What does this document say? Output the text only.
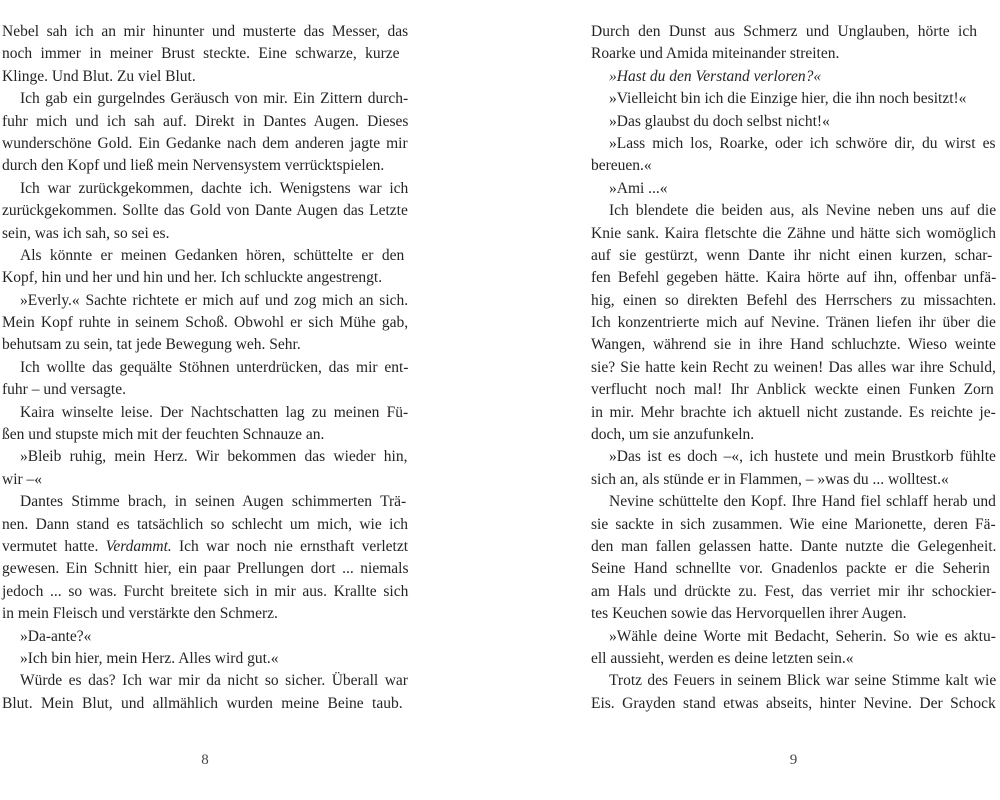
Nebel sah ich an mir hinunter und musterte das Messer, das
noch immer in meiner Brust steckte. Eine schwarze, kurze
Klinge. Und Blut. Zu viel Blut.
Ich gab ein gurgelndes Geräusch von mir. Ein Zittern durch-
fuhr mich und ich sah auf. Direkt in Dantes Augen. Dieses
wunderschöne Gold. Ein Gedanke nach dem anderen jagte mir
durch den Kopf und ließ mein Nervensystem verrücktspielen.
Ich war zurückgekommen, dachte ich. Wenigstens war ich
zurückgekommen. Sollte das Gold von Dante Augen das Letzte
sein, was ich sah, so sei es.
Als könnte er meinen Gedanken hören, schüttelte er den
Kopf, hin und her und hin und her. Ich schluckte angestrengt.
»Everly.« Sachte richtete er mich auf und zog mich an sich.
Mein Kopf ruhte in seinem Schoß. Obwohl er sich Mühe gab,
behutsam zu sein, tat jede Bewegung weh. Sehr.
Ich wollte das gequälte Stöhnen unterdrücken, das mir ent-
fuhr – und versagte.
Kaira winselte leise. Der Nachtschatten lag zu meinen Fü-
ßen und stupste mich mit der feuchten Schnauze an.
»Bleib ruhig, mein Herz. Wir bekommen das wieder hin,
wir –«
Dantes Stimme brach, in seinen Augen schimmerten Trä-
nen. Dann stand es tatsächlich so schlecht um mich, wie ich
vermutet hatte. Verdammt. Ich war noch nie ernsthaft verletzt
gewesen. Ein Schnitt hier, ein paar Prellungen dort ... niemals
jedoch ... so was. Furcht breitete sich in mir aus. Krallte sich
in mein Fleisch und verstärkte den Schmerz.
»Da-ante?«
»Ich bin hier, mein Herz. Alles wird gut.«
Würde es das? Ich war mir da nicht so sicher. Überall war
Blut. Mein Blut, und allmählich wurden meine Beine taub.
Durch den Dunst aus Schmerz und Unglauben, hörte ich
Roarke und Amida miteinander streiten.
»Hast du den Verstand verloren?«
»Vielleicht bin ich die Einzige hier, die ihn noch besitzt!«
»Das glaubst du doch selbst nicht!«
»Lass mich los, Roarke, oder ich schwöre dir, du wirst es
bereuen.«
»Ami ...«
Ich blendete die beiden aus, als Nevine neben uns auf die
Knie sank. Kaira fletschte die Zähne und hätte sich womöglich
auf sie gestürzt, wenn Dante ihr nicht einen kurzen, schar-
fen Befehl gegeben hätte. Kaira hörte auf ihn, offenbar unfä-
hig, einen so direkten Befehl des Herrschers zu missachten.
Ich konzentrierte mich auf Nevine. Tränen liefen ihr über die
Wangen, während sie in ihre Hand schluchzte. Wieso weinte
sie? Sie hatte kein Recht zu weinen! Das alles war ihre Schuld,
verflucht noch mal! Ihr Anblick weckte einen Funken Zorn
in mir. Mehr brachte ich aktuell nicht zustande. Es reichte je-
doch, um sie anzufunkeln.
»Das ist es doch –«, ich hustete und mein Brustkorb fühlte
sich an, als stünde er in Flammen, – »was du ... wolltest.«
Nevine schüttelte den Kopf. Ihre Hand fiel schlaff herab und
sie sackte in sich zusammen. Wie eine Marionette, deren Fä-
den man fallen gelassen hatte. Dante nutzte die Gelegenheit.
Seine Hand schnellte vor. Gnadenlos packte er die Seherin
am Hals und drückte zu. Fest, das verriet mir ihr schockier-
tes Keuchen sowie das Hervorquellen ihrer Augen.
»Wähle deine Worte mit Bedacht, Seherin. So wie es aktu-
ell aussieht, werden es deine letzten sein.«
Trotz des Feuers in seinem Blick war seine Stimme kalt wie
Eis. Grayden stand etwas abseits, hinter Nevine. Der Schock
8	9
